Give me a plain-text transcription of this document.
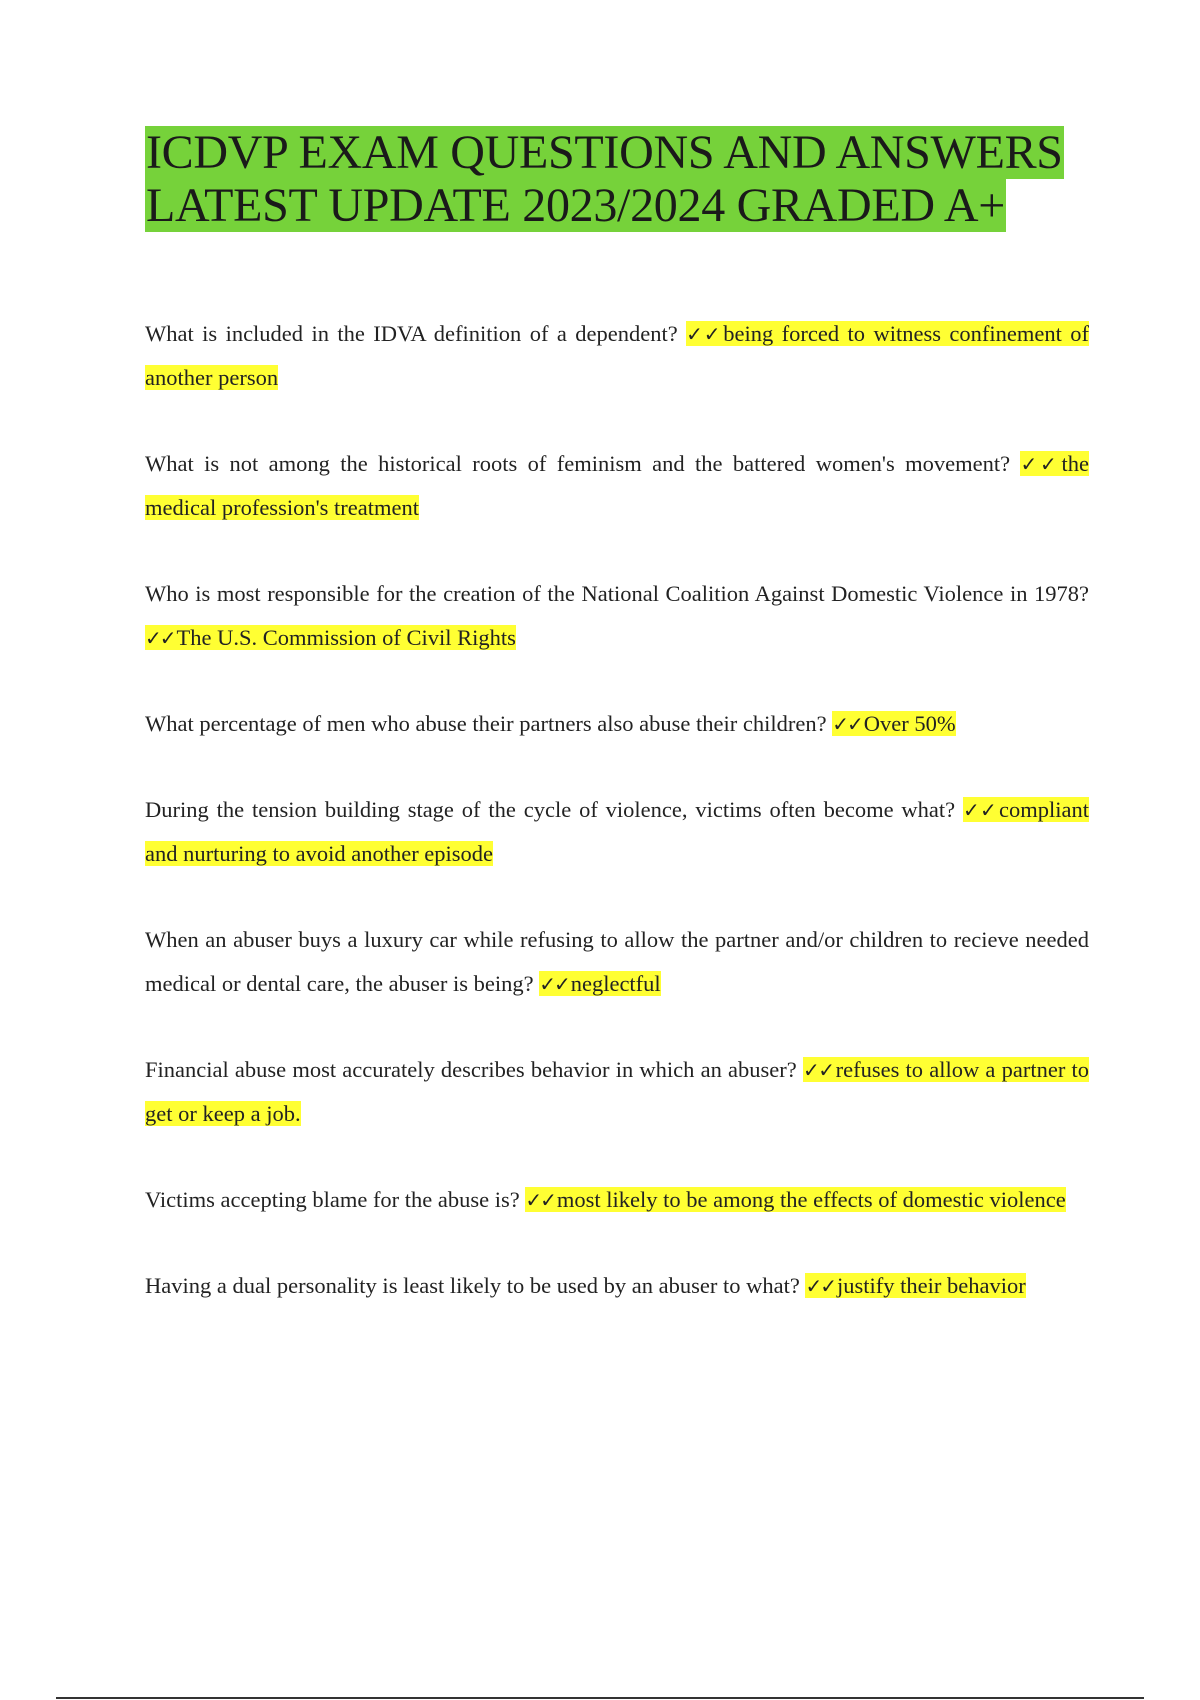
ICDVP EXAM QUESTIONS AND ANSWERS
LATEST UPDATE 2023/2024 GRADED A+

What is included in the IDVA definition of a dependent? ✓✓being forced to witness confinement of another person

What is not among the historical roots of feminism and the battered women's movement? ✓✓the medical profession's treatment

Who is most responsible for the creation of the National Coalition Against Domestic Violence in 1978? ✓✓The U.S. Commission of Civil Rights

What percentage of men who abuse their partners also abuse their children? ✓✓Over 50%

During the tension building stage of the cycle of violence, victims often become what? ✓✓compliant and nurturing to avoid another episode

When an abuser buys a luxury car while refusing to allow the partner and/or children to recieve needed medical or dental care, the abuser is being? ✓✓neglectful

Financial abuse most accurately describes behavior in which an abuser? ✓✓refuses to allow a partner to get or keep a job.

Victims accepting blame for the abuse is? ✓✓most likely to be among the effects of domestic violence

Having a dual personality is least likely to be used by an abuser to what? ✓✓justify their behavior
